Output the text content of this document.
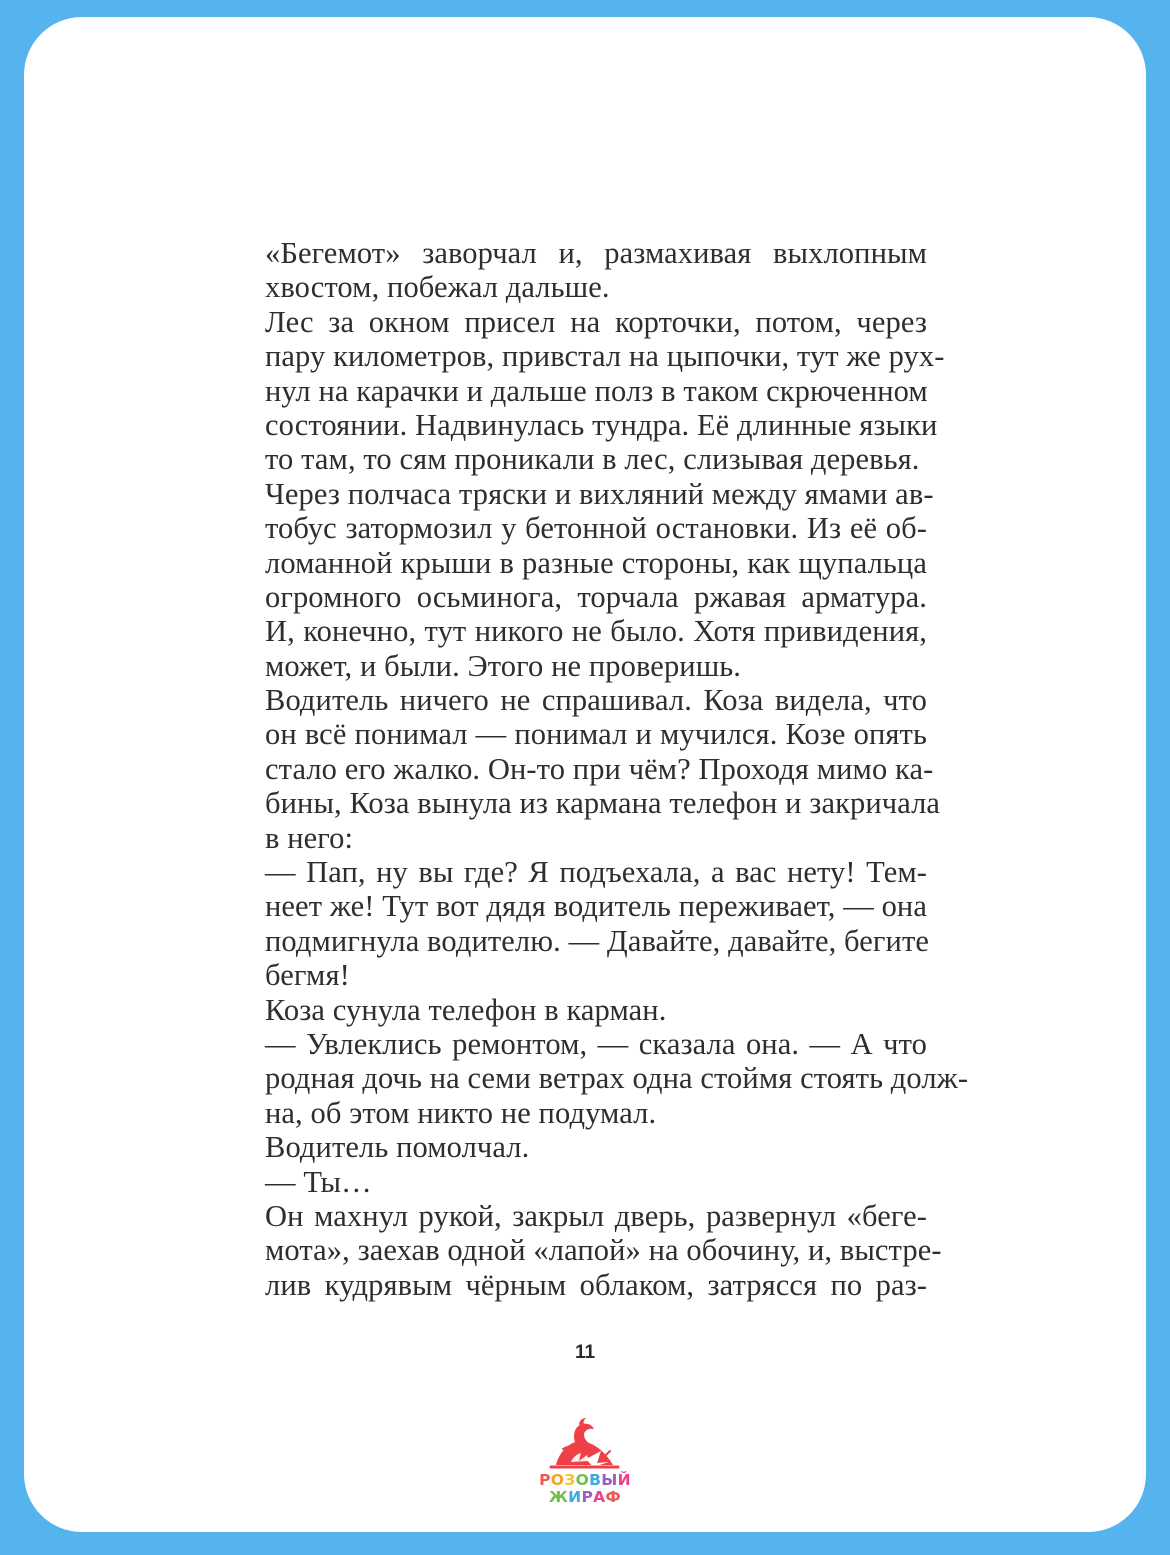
«Бегемот» заворчал и, размахивая выхлопным
хвостом, побежал дальше.

Лес за окном присел на корточки, потом, через
пару километров, привстал на цыпочки, тут же рух-
нул на карачки и дальше полз в таком скрюченном
состоянии. Надвинулась тундра. Её длинные языки
то там, то сям проникали в лес, слизывая деревья.

Через полчаса тряски и вихляний между ямами ав-
тобус затормозил у бетонной остановки. Из её об-
ломанной крыши в разные стороны, как щупальца
огромного осьминога, торчала ржавая арматура.
И, конечно, тут никого не было. Хотя привидения,
может, и были. Этого не проверишь.

Водитель ничего не спрашивал. Коза видела, что
он всё понимал — понимал и мучился. Козе опять
стало его жалко. Он-то при чём? Проходя мимо ка-
бины, Коза вынула из кармана телефон и закричала
в него:

— Пап, ну вы где? Я подъехала, а вас нету! Тем-
неет же! Тут вот дядя водитель переживает, — она
подмигнула водителю. — Давайте, давайте, бегите
бегмя!

Коза сунула телефон в карман.

— Увлеклись ремонтом, — сказала она. — А что
родная дочь на семи ветрах одна стоймя стоять долж-
на, об этом никто не подумал.

Водитель помолчал.

— Ты…

Он махнул рукой, закрыл дверь, развернул «беге-
мота», заехав одной «лапой» на обочину, и, выстре-
лив кудрявым чёрным облаком, затрясся по раз-

11
РОЗОВЫЙ
ЖИРАФ
